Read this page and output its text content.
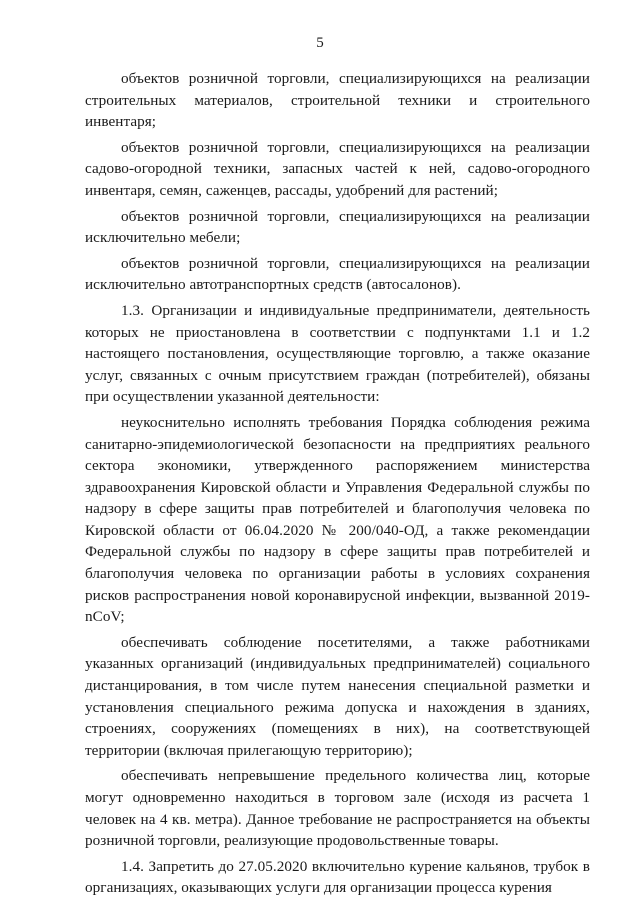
5

объектов розничной торговли, специализирующихся на реализации строительных материалов, строительной техники и строительного инвентаря;

объектов розничной торговли, специализирующихся на реализации садово-огородной техники, запасных частей к ней, садово-огородного инвентаря, семян, саженцев, рассады, удобрений для растений;

объектов розничной торговли, специализирующихся на реализации исключительно мебели;

объектов розничной торговли, специализирующихся на реализации исключительно автотранспортных средств (автосалонов).

1.3. Организации и индивидуальные предприниматели, деятельность которых не приостановлена в соответствии с подпунктами 1.1 и 1.2 настоящего постановления, осуществляющие торговлю, а также оказание услуг, связанных с очным присутствием граждан (потребителей), обязаны при осуществлении указанной деятельности:

неукоснительно исполнять требования Порядка соблюдения режима санитарно-эпидемиологической безопасности на предприятиях реального сектора экономики, утвержденного распоряжением министерства здравоохранения Кировской области и Управления Федеральной службы по надзору в сфере защиты прав потребителей и благополучия человека по Кировской области от 06.04.2020 № 200/040-ОД, а также рекомендации Федеральной службы по надзору в сфере защиты прав потребителей и благополучия человека по организации работы в условиях сохранения рисков распространения новой коронавирусной инфекции, вызванной 2019-nCoV;

обеспечивать соблюдение посетителями, а также работниками указанных организаций (индивидуальных предпринимателей) социального дистанцирования, в том числе путем нанесения специальной разметки и установления специального режима допуска и нахождения в зданиях, строениях, сооружениях (помещениях в них), на соответствующей территории (включая прилегающую территорию);

обеспечивать непревышение предельного количества лиц, которые могут одновременно находиться в торговом зале (исходя из расчета 1 человек на 4 кв. метра). Данное требование не распространяется на объекты розничной торговли, реализующие продовольственные товары.

1.4. Запретить до 27.05.2020 включительно курение кальянов, трубок в организациях, оказывающих услуги для организации процесса курения
